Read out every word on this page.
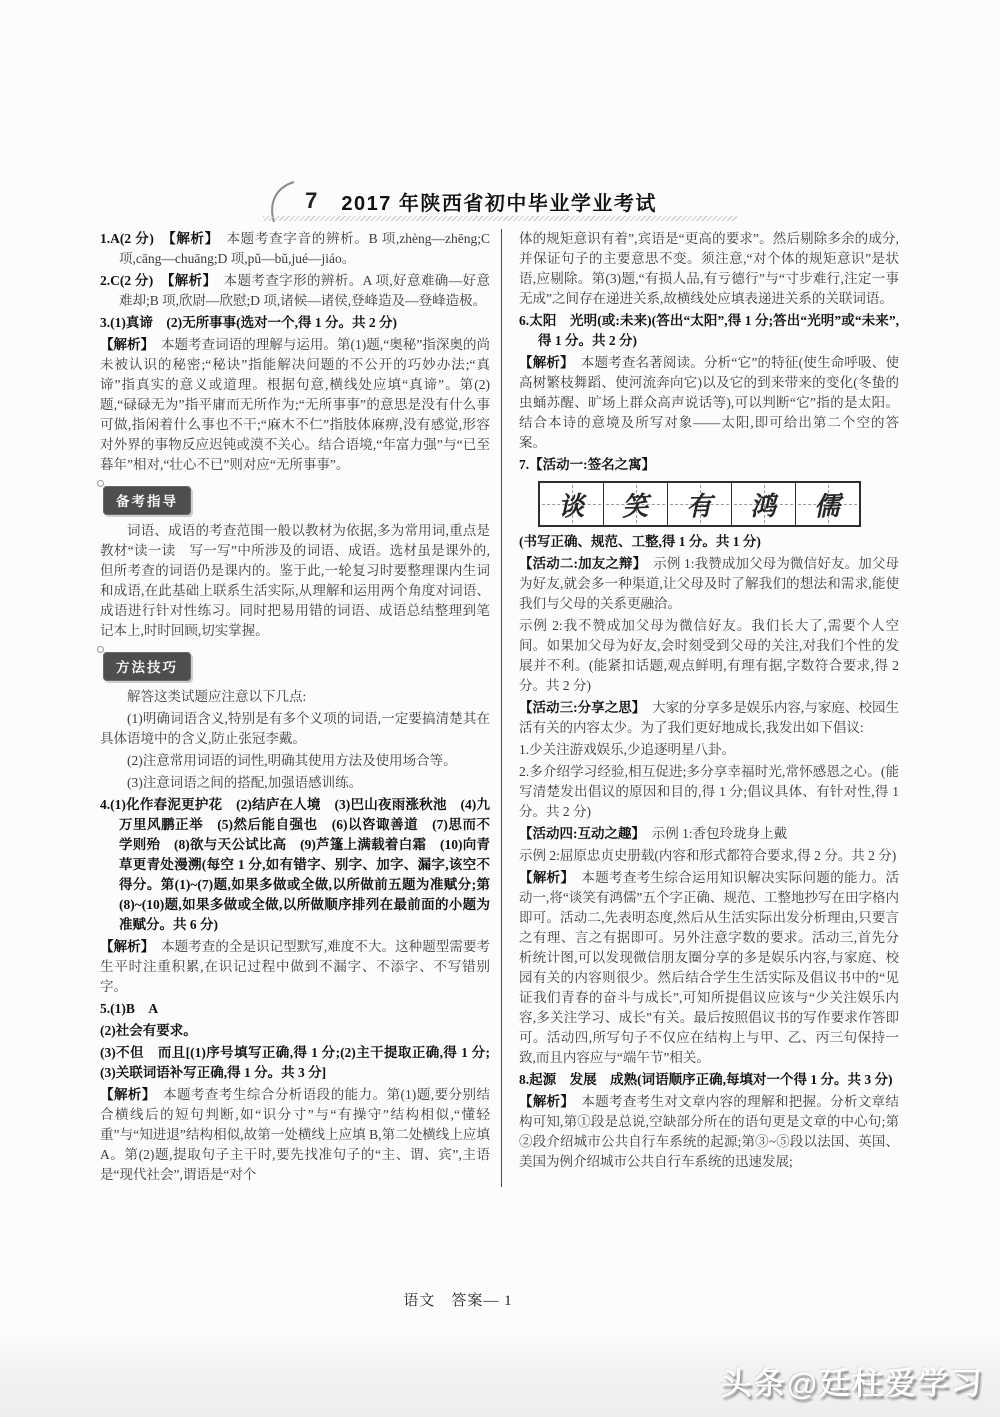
7 2017 年陕西省初中毕业学业考试

1.A(2 分)　【解析】　本题考查字音的辨析。B 项,zhèng—zhēng;C 项,cāng—chuāng;D 项,pǔ—bǔ,jué—jiáo。

2.C(2 分)　【解析】　本题考查字形的辨析。A 项,好意难确—好意难却;B 项,欣尉—欣慰;D 项,诸候—诸侯,登峰造及—登峰造极。

3.(1)真谛　(2)无所事事(选对一个,得 1 分。共 2 分)

【解析】　本题考查词语的理解与运用。第(1)题,“奥秘”指深奥的尚未被认识的秘密;“秘诀”指能解决问题的不公开的巧妙办法;“真谛”指真实的意义或道理。根据句意,横线处应填“真谛”。第(2)题,“碌碌无为”指平庸而无所作为;“无所事事”的意思是没有什么事可做,指闲着什么事也不干;“麻木不仁”指肢体麻痹,没有感觉,形容对外界的事物反应迟钝或漠不关心。结合语境,“年富力强”与“已至暮年”相对,“壮心不已”则对应“无所事事”。

备考指导

词语、成语的考查范围一般以教材为依据,多为常用词,重点是教材“读一读　写一写”中所涉及的词语、成语。选材虽是课外的,但所考查的词语仍是课内的。鉴于此,一轮复习时要整理课内生词和成语,在此基础上联系生活实际,从理解和运用两个角度对词语、成语进行针对性练习。同时把易用错的词语、成语总结整理到笔记本上,时时回顾,切实掌握。

方法技巧

解答这类试题应注意以下几点:

(1)明确词语含义,特别是有多个义项的词语,一定要搞清楚其在具体语境中的含义,防止张冠李戴。

(2)注意常用词语的词性,明确其使用方法及使用场合等。

(3)注意词语之间的搭配,加强语感训练。

4.(1)化作春泥更护花　(2)结庐在人境　(3)巴山夜雨涨秋池　(4)九万里风鹏正举　(5)然后能自强也　(6)以咨诹善道　(7)思而不学则殆　(8)欲与天公试比高　(9)芦篷上满载着白霜　(10)向青草更青处漫溯(每空 1 分,如有错字、别字、加字、漏字,该空不得分。第(1)~(7)题,如果多做或全做,以所做前五题为准赋分;第(8)~(10)题,如果多做或全做,以所做顺序排列在最前面的小题为准赋分。共 6 分)

【解析】　本题考查的全是识记型默写,难度不大。这种题型需要考生平时注重积累,在识记过程中做到不漏字、不添字、不写错别字。

5.(1)B　A

(2)社会有要求。

(3)不但　而且[(1)序号填写正确,得 1 分;(2)主干提取正确,得 1 分;(3)关联词语补写正确,得 1 分。共 3 分]

【解析】　本题考查考生综合分析语段的能力。第(1)题,要分别结合横线后的短句判断,如“识分寸”与“有操守”结构相似,“懂轻重”与“知进退”结构相似,故第一处横线上应填 B,第二处横线上应填 A。第(2)题,提取句子主干时,要先找准句子的“主、谓、宾”,主语是“现代社会”,谓语是“对个

体的规矩意识有着”,宾语是“更高的要求”。然后剔除多余的成分,并保证句子的主要意思不变。须注意,“对个体的规矩意识”是状语,应剔除。第(3)题,“有损人品,有亏德行”与“寸步难行,注定一事无成”之间存在递进关系,故横线处应填表递进关系的关联词语。

6.太阳　光明(或:未来)(答出“太阳”,得 1 分;答出“光明”或“未来”,得 1 分。共 2 分)

【解析】　本题考查名著阅读。分析“它”的特征(使生命呼吸、使高树繁枝舞蹈、使河流奔向它)以及它的到来带来的变化(冬蛰的虫蛹苏醒、旷场上群众高声说话等),可以判断“它”指的是太阳。结合本诗的意境及所写对象——太阳,即可给出第二个空的答案。

7.【活动一:签名之寓】

谈 笑 有 鸿 儒

(书写正确、规范、工整,得 1 分。共 1 分)

【活动二:加友之辩】　示例 1:我赞成加父母为微信好友。加父母为好友,就会多一种渠道,让父母及时了解我们的想法和需求,能使我们与父母的关系更融洽。

示例 2:我不赞成加父母为微信好友。我们长大了,需要个人空间。如果加父母为好友,会时刻受到父母的关注,对我们个性的发展并不利。(能紧扣话题,观点鲜明,有理有据,字数符合要求,得 2 分。共 2 分)

【活动三:分享之思】　大家的分享多是娱乐内容,与家庭、校园生活有关的内容太少。为了我们更好地成长,我发出如下倡议:

1.少关注游戏娱乐,少追逐明星八卦。

2.多介绍学习经验,相互促进;多分享幸福时光,常怀感恩之心。(能写清楚发出倡议的原因和目的,得 1 分;倡议具体、有针对性,得 1 分。共 2 分)

【活动四:互动之趣】　示例 1:香包玲珑身上戴

示例 2:屈原忠贞史册载(内容和形式都符合要求,得 2 分。共 2 分)

【解析】　本题考查考生综合运用知识解决实际问题的能力。活动一,将“谈笑有鸿儒”五个字正确、规范、工整地抄写在田字格内即可。活动二,先表明态度,然后从生活实际出发分析理由,只要言之有理、言之有据即可。另外注意字数的要求。活动三,首先分析统计图,可以发现微信朋友圈分享的多是娱乐内容,与家庭、校园有关的内容则很少。然后结合学生生活实际及倡议书中的“见证我们青春的奋斗与成长”,可知所提倡议应该与“少关注娱乐内容,多关注学习、成长”有关。最后按照倡议书的写作要求作答即可。活动四,所写句子不仅应在结构上与甲、乙、丙三句保持一致,而且内容应与“端午节”相关。

8.起源　发展　成熟(词语顺序正确,每填对一个得 1 分。共 3 分)

【解析】　本题考查考生对文章内容的理解和把握。分析文章结构可知,第①段是总说,空缺部分所在的语句更是文章的中心句;第②段介绍城市公共自行车系统的起源;第③~⑤段以法国、英国、美国为例介绍城市公共自行车系统的迅速发展;

语文　答案— 1
头条@廷柱爱学习
